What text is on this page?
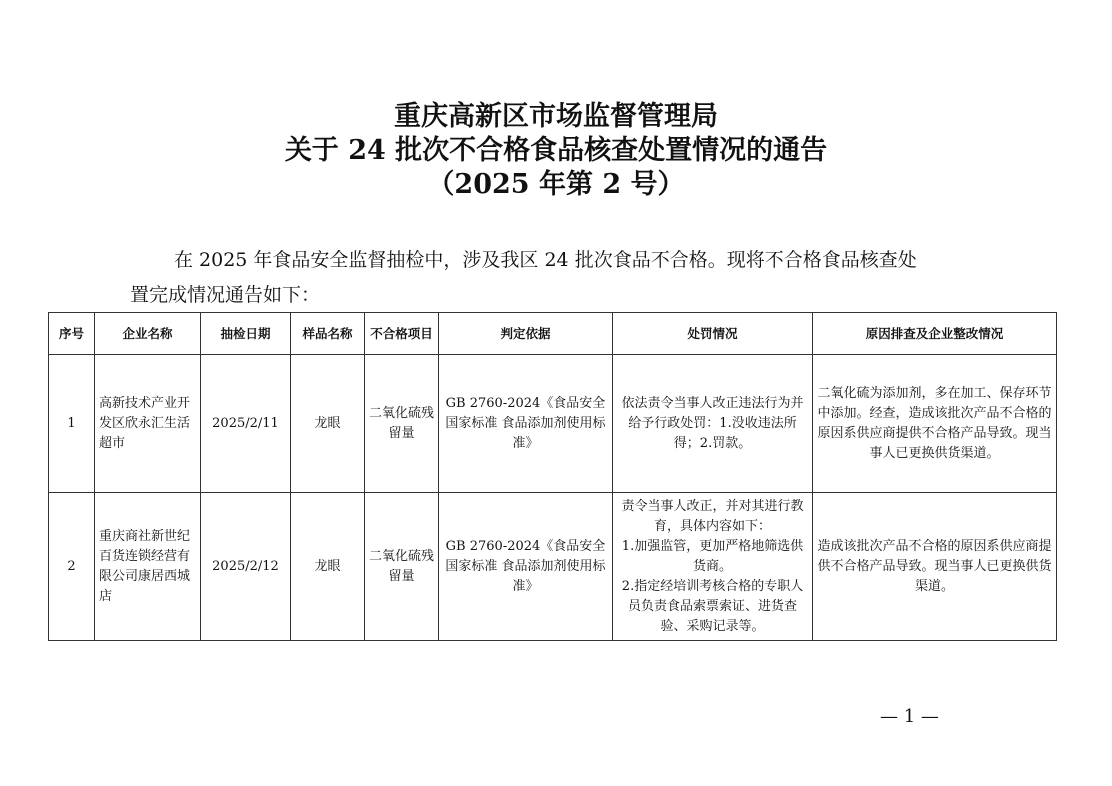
重庆高新区市场监督管理局
关于 24 批次不合格食品核查处置情况的通告
（2025 年第 2 号）
在 2025 年食品安全监督抽检中，涉及我区 24 批次食品不合格。现将不合格食品核查处
置完成情况通告如下：
序号	企业名称	抽检日期	样品名称	不合格项目	判定依据	处罚情况	原因排查及企业整改情况
1	高新技术产业开发区欣永汇生活超市	2025/2/11	龙眼	二氧化硫残留量	GB 2760-2024《食品安全国家标准 食品添加剂使用标准》	依法责令当事人改正违法行为并给予行政处罚：1.没收违法所得；2.罚款。	二氧化硫为添加剂，多在加工、保存环节中添加。经查，造成该批次产品不合格的原因系供应商提供不合格产品导致。现当事人已更换供货渠道。
2	重庆商社新世纪百货连锁经营有限公司康居西城店	2025/2/12	龙眼	二氧化硫残留量	GB 2760-2024《食品安全国家标准 食品添加剂使用标准》	责令当事人改正，并对其进行教育，具体内容如下：
1.加强监管，更加严格地筛选供货商。
2.指定经培训考核合格的专职人员负责食品索票索证、进货查验、采购记录等。	造成该批次产品不合格的原因系供应商提供不合格产品导致。现当事人已更换供货渠道。
— 1 —
